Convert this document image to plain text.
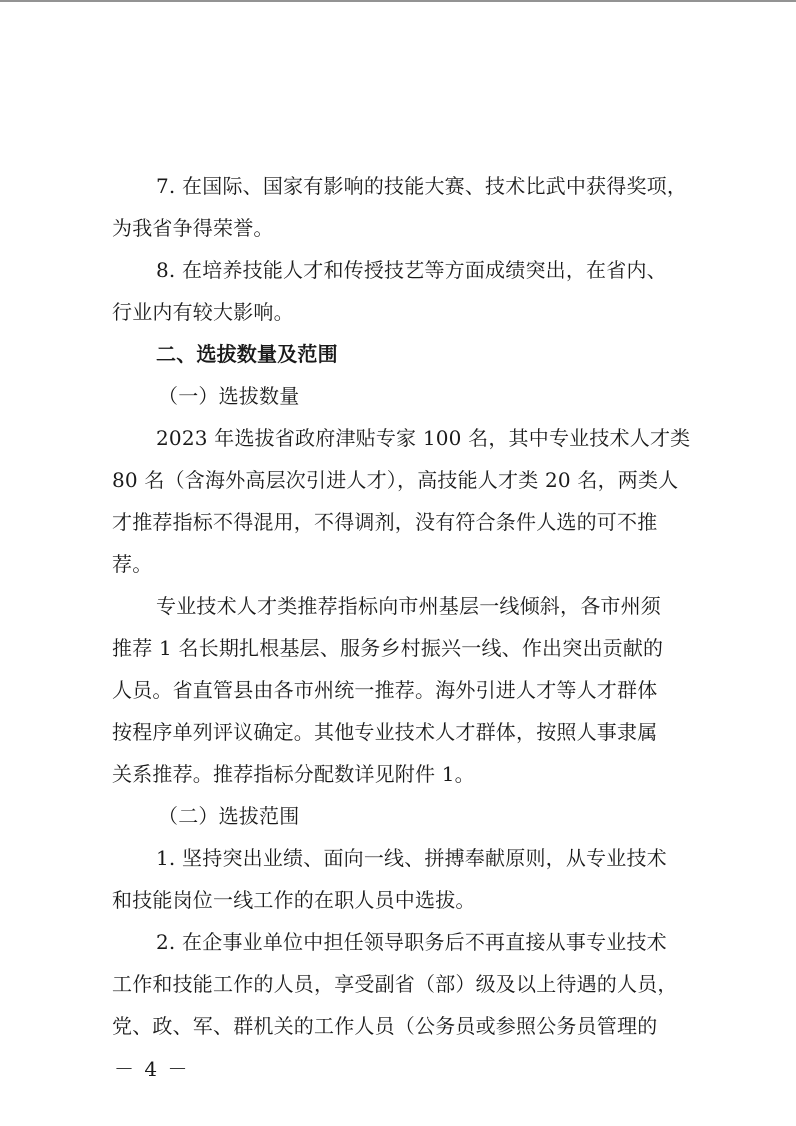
7. 在国际、国家有影响的技能大赛、技术比武中获得奖项，
为我省争得荣誉。
8. 在培养技能人才和传授技艺等方面成绩突出，在省内、
行业内有较大影响。
二、选拔数量及范围
（一）选拔数量
2023 年选拔省政府津贴专家 100 名，其中专业技术人才类
80 名（含海外高层次引进人才），高技能人才类 20 名，两类人
才推荐指标不得混用，不得调剂，没有符合条件人选的可不推
荐。
专业技术人才类推荐指标向市州基层一线倾斜，各市州须
推荐 1 名长期扎根基层、服务乡村振兴一线、作出突出贡献的
人员。省直管县由各市州统一推荐。海外引进人才等人才群体
按程序单列评议确定。其他专业技术人才群体，按照人事隶属
关系推荐。推荐指标分配数详见附件 1。
（二）选拔范围
1. 坚持突出业绩、面向一线、拼搏奉献原则，从专业技术
和技能岗位一线工作的在职人员中选拔。
2. 在企事业单位中担任领导职务后不再直接从事专业技术
工作和技能工作的人员，享受副省（部）级及以上待遇的人员，
党、政、军、群机关的工作人员（公务员或参照公务员管理的
－ 4 －
